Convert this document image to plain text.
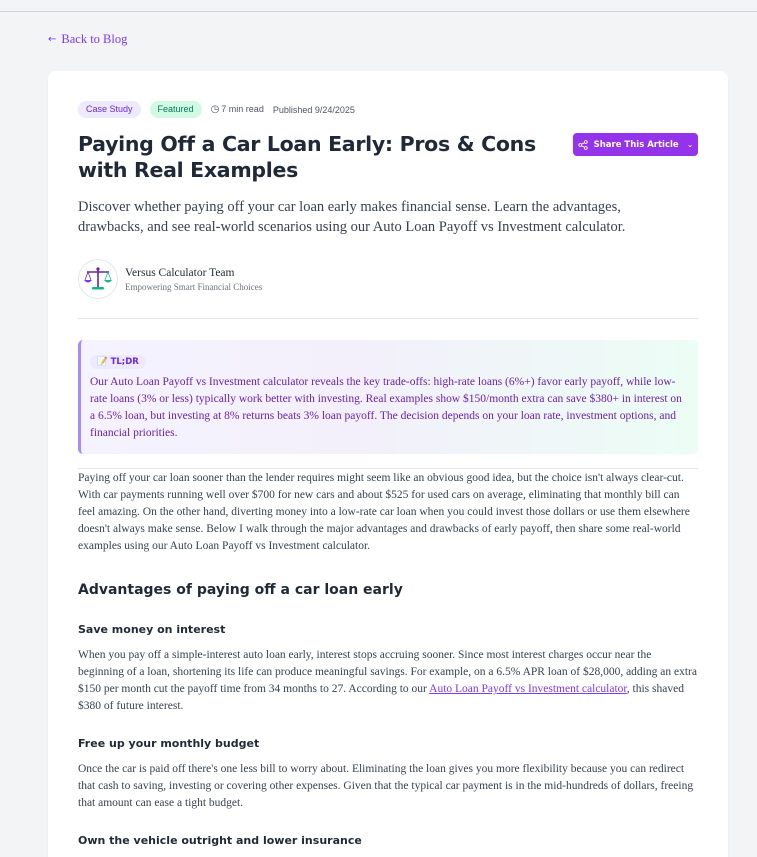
← Back to Blog
Case Study	Featured	◷ 7 min read Published 9/24/2025
Paying Off a Car Loan Early: Pros & Cons with Real Examples
Share This Article ⌄

Discover whether paying off your car loan early makes financial sense. Learn the advantages, drawbacks, and see real-world scenarios using our Auto Loan Payoff vs Investment calculator.

Versus Calculator Team
Empowering Smart Financial Choices
📝 TL;DR

Our Auto Loan Payoff vs Investment calculator reveals the key trade-offs: high-rate loans (6%+) favor early payoff, while low-rate loans (3% or less) typically work better with investing. Real examples show $150/month extra can save $380+ in interest on a 6.5% loan, but investing at 8% returns beats 3% loan payoff. The decision depends on your loan rate, investment options, and financial priorities.

Paying off your car loan sooner than the lender requires might seem like an obvious good idea, but the choice isn't always clear-cut. With car payments running well over $700 for new cars and about $525 for used cars on average, eliminating that monthly bill can feel amazing. On the other hand, diverting money into a low-rate car loan when you could invest those dollars or use them elsewhere doesn't always make sense. Below I walk through the major advantages and drawbacks of early payoff, then share some real-world examples using our Auto Loan Payoff vs Investment calculator.

Advantages of paying off a car loan early
Save money on interest

When you pay off a simple-interest auto loan early, interest stops accruing sooner. Since most interest charges occur near the beginning of a loan, shortening its life can produce meaningful savings. For example, on a 6.5% APR loan of $28,000, adding an extra $150 per month cut the payoff time from 34 months to 27. According to our Auto Loan Payoff vs Investment calculator, this shaved $380 of future interest.

Free up your monthly budget

Once the car is paid off there's one less bill to worry about. Eliminating the loan gives you more flexibility because you can redirect that cash to saving, investing or covering other expenses. Given that the typical car payment is in the mid-hundreds of dollars, freeing that amount can ease a tight budget.

Own the vehicle outright and lower insurance
